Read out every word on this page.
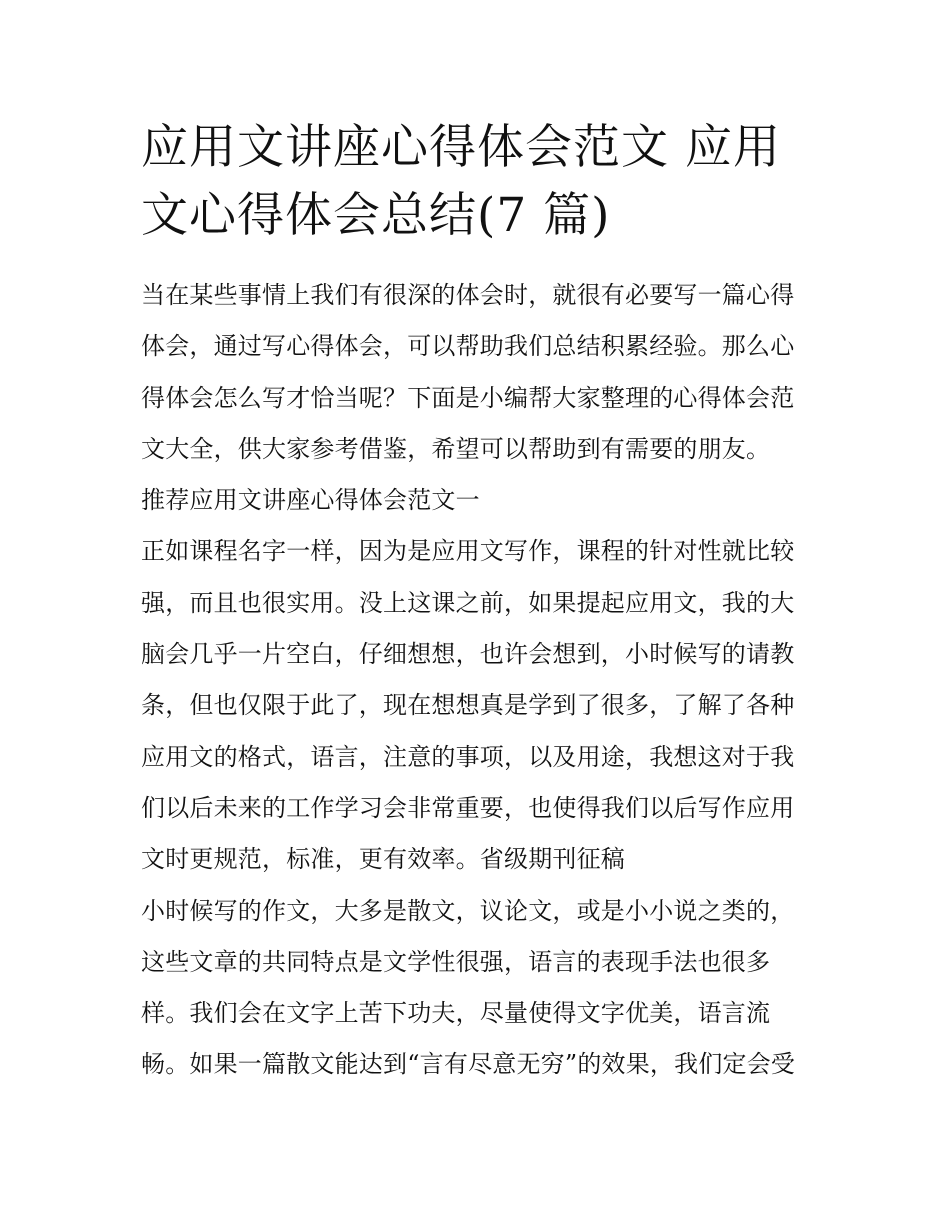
应用文讲座心得体会范文 应用
文心得体会总结(7 篇)
当在某些事情上我们有很深的体会时，就很有必要写一篇心得
体会，通过写心得体会，可以帮助我们总结积累经验。那么心
得体会怎么写才恰当呢？下面是小编帮大家整理的心得体会范
文大全，供大家参考借鉴，希望可以帮助到有需要的朋友。
推荐应用文讲座心得体会范文一
正如课程名字一样，因为是应用文写作，课程的针对性就比较
强，而且也很实用。没上这课之前，如果提起应用文，我的大
脑会几乎一片空白，仔细想想，也许会想到，小时候写的请教
条，但也仅限于此了，现在想想真是学到了很多，了解了各种
应用文的格式，语言，注意的事项，以及用途，我想这对于我
们以后未来的工作学习会非常重要，也使得我们以后写作应用
文时更规范，标准，更有效率。省级期刊征稿
小时候写的作文，大多是散文，议论文，或是小小说之类的，
这些文章的共同特点是文学性很强，语言的表现手法也很多
样。我们会在文字上苦下功夫，尽量使得文字优美，语言流
畅。如果一篇散文能达到“言有尽意无穷”的效果，我们定会受
